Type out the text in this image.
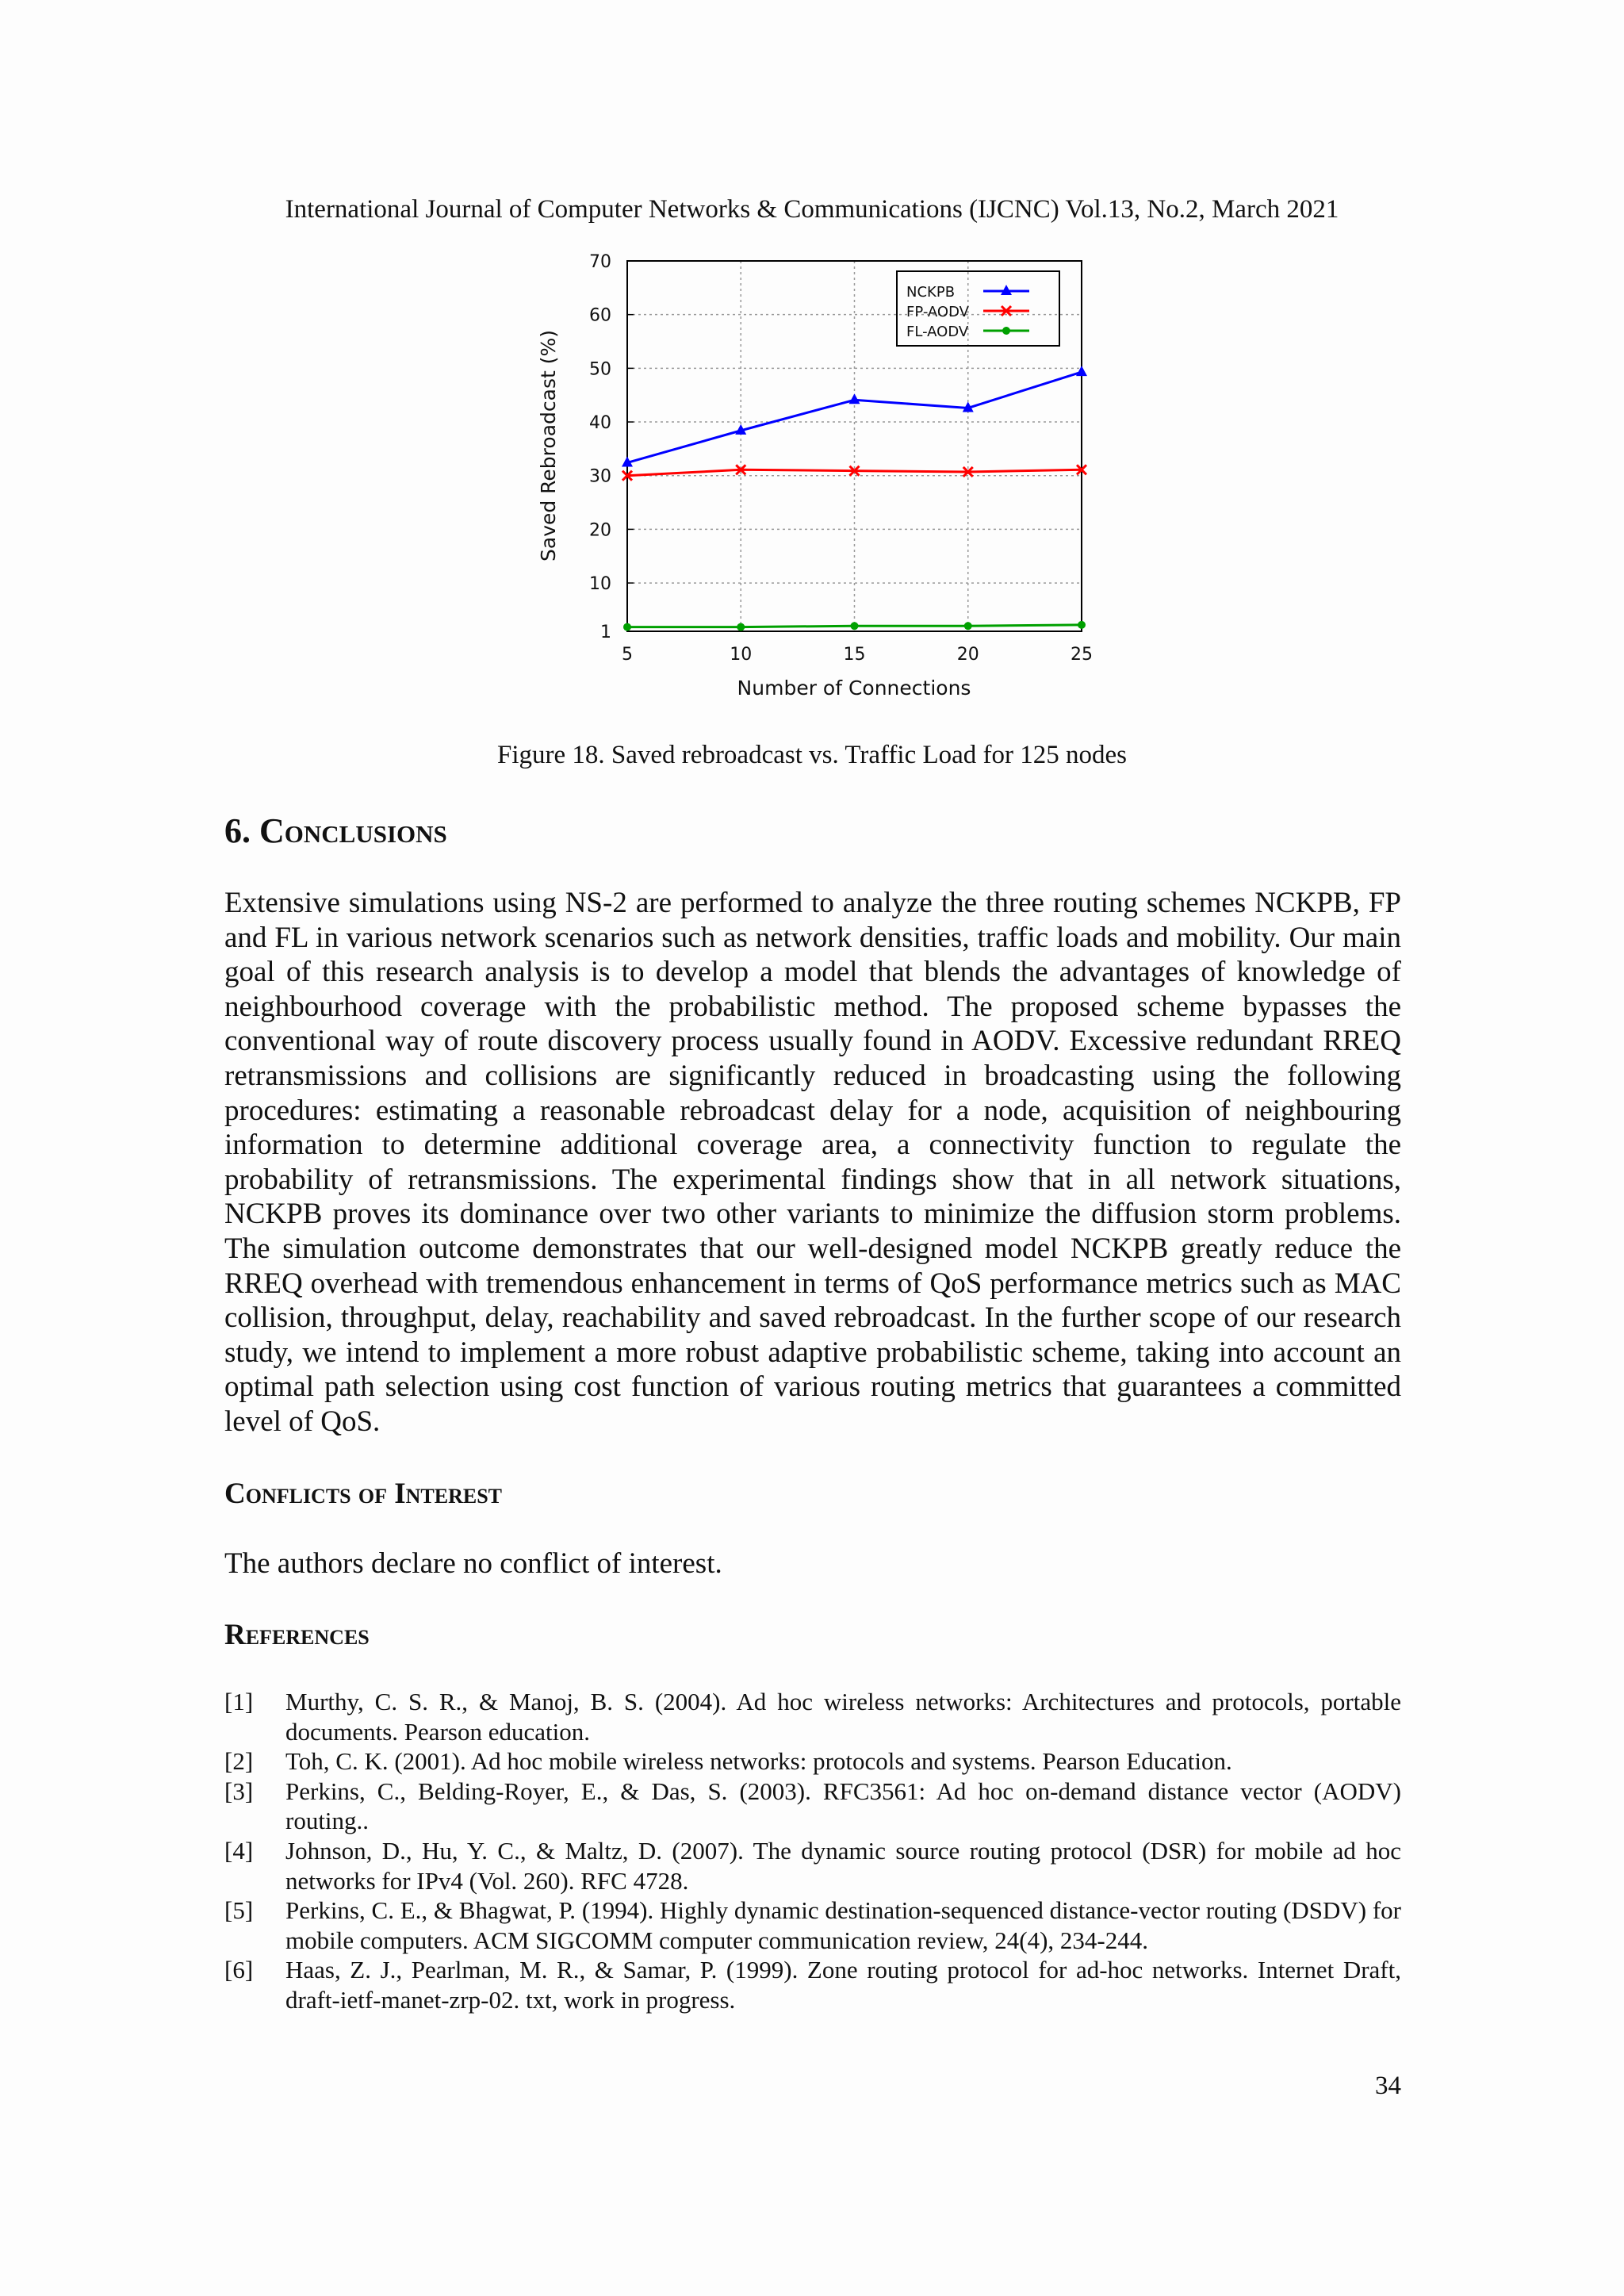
International Journal of Computer Networks & Communications (IJCNC) Vol.13, No.2, March 2021
1
10
20
30
40
50
60
70
5	10	15	20	25
NCKPB
FP-AODV
FL-AODV
Number of Connections
Saved Rebroadcast (%)
Figure 18. Saved rebroadcast vs. Traffic Load for 125 nodes
6. Conclusions
Extensive simulations using NS-2 are performed to analyze the three routing schemes NCKPB, FP and FL in various network scenarios such as network densities, traffic loads and mobility. Our main goal of this research analysis is to develop a model that blends the advantages of knowledge of neighbourhood coverage with the probabilistic method. The proposed scheme bypasses the conventional way of route discovery process usually found in AODV. Excessive redundant RREQ retransmissions and collisions are significantly reduced in broadcasting using the following procedures: estimating a reasonable rebroadcast delay for a node, acquisition of neighbouring information to determine additional coverage area, a connectivity function to regulate the probability of retransmissions. The experimental findings show that in all network situations, NCKPB proves its dominance over two other variants to minimize the diffusion storm problems. The simulation outcome demonstrates that our well-designed model NCKPB greatly reduce the RREQ overhead with tremendous enhancement in terms of QoS performance metrics such as MAC collision, throughput, delay, reachability and saved rebroadcast. In the further scope of our research study, we intend to implement a more robust adaptive probabilistic scheme, taking into account an optimal path selection using cost function of various routing metrics that guarantees a committed level of QoS.
Conflicts of Interest
The authors declare no conflict of interest.
References
[1]	Murthy, C. S. R., & Manoj, B. S. (2004). Ad hoc wireless networks: Architectures and protocols, portable documents. Pearson education.
[2]	Toh, C. K. (2001). Ad hoc mobile wireless networks: protocols and systems. Pearson Education.
[3]	Perkins, C., Belding-Royer, E., & Das, S. (2003). RFC3561: Ad hoc on-demand distance vector (AODV) routing..
[4]	Johnson, D., Hu, Y. C., & Maltz, D. (2007). The dynamic source routing protocol (DSR) for mobile ad hoc networks for IPv4 (Vol. 260). RFC 4728.
[5]	Perkins, C. E., & Bhagwat, P. (1994). Highly dynamic destination-sequenced distance-vector routing (DSDV) for mobile computers. ACM SIGCOMM computer communication review, 24(4), 234-244.
[6]	Haas, Z. J., Pearlman, M. R., & Samar, P. (1999). Zone routing protocol for ad-hoc networks. Internet Draft, draft-ietf-manet-zrp-02. txt, work in progress.
34
